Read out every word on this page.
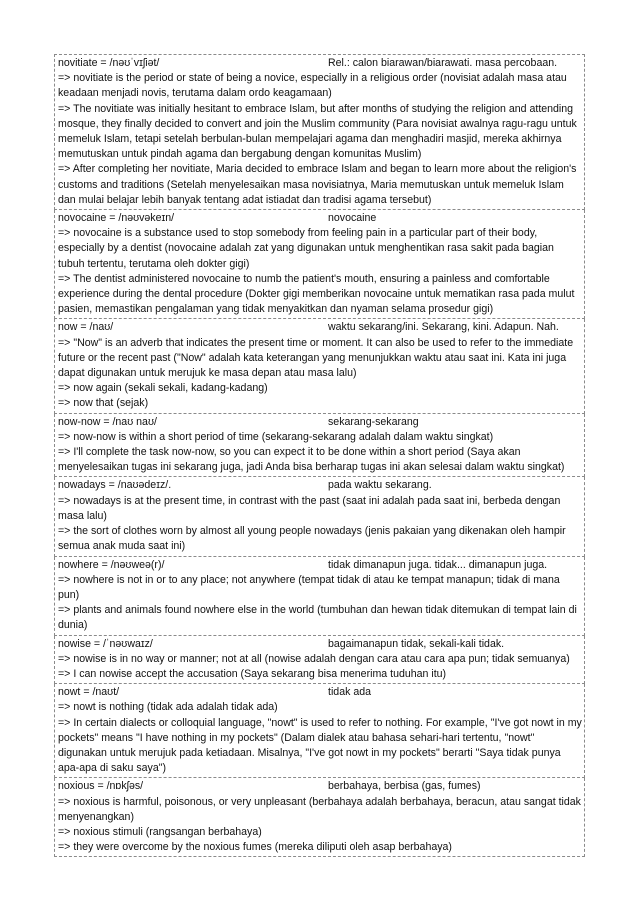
novitiate = /nəʊˈvɪʃiət/	Rel.: calon biarawan/biarawati. masa percobaan.
=> novitiate is the period or state of being a novice, especially in a religious order (novisiat adalah masa atau keadaan menjadi novis, terutama dalam ordo keagamaan)
=> The novitiate was initially hesitant to embrace Islam, but after months of studying the religion and attending mosque, they finally decided to convert and join the Muslim community (Para novisiat awalnya ragu-ragu untuk memeluk Islam, tetapi setelah berbulan-bulan mempelajari agama dan menghadiri masjid, mereka akhirnya memutuskan untuk pindah agama dan bergabung dengan komunitas Muslim)
=> After completing her novitiate, Maria decided to embrace Islam and began to learn more about the religion's customs and traditions (Setelah menyelesaikan masa novisiatnya, Maria memutuskan untuk memeluk Islam dan mulai belajar lebih banyak tentang adat istiadat dan tradisi agama tersebut)
novocaine = /nəʊvəkeɪn/	novocaine
=> novocaine is a substance used to stop somebody from feeling pain in a particular part of their body, especially by a dentist (novocaine adalah zat yang digunakan untuk menghentikan rasa sakit pada bagian tubuh tertentu, terutama oleh dokter gigi)
=> The dentist administered novocaine to numb the patient's mouth, ensuring a painless and comfortable experience during the dental procedure (Dokter gigi memberikan novocaine untuk mematikan rasa pada mulut pasien, memastikan pengalaman yang tidak menyakitkan dan nyaman selama prosedur gigi)
now = /naʊ/	waktu sekarang/ini. Sekarang, kini. Adapun. Nah.
=> "Now" is an adverb that indicates the present time or moment. It can also be used to refer to the immediate future or the recent past ("Now" adalah kata keterangan yang menunjukkan waktu atau saat ini. Kata ini juga dapat digunakan untuk merujuk ke masa depan atau masa lalu)
=> now again (sekali sekali, kadang-kadang)
=> now that (sejak)
now-now = /naʊ naʊ/	sekarang-sekarang
=> now-now is within a short period of time (sekarang-sekarang adalah dalam waktu singkat)
=> I'll complete the task now-now, so you can expect it to be done within a short period (Saya akan menyelesaikan tugas ini sekarang juga, jadi Anda bisa berharap tugas ini akan selesai dalam waktu singkat)
nowadays = /naʊədeɪz/.	pada waktu sekarang.
=> nowadays is at the present time, in contrast with the past (saat ini adalah pada saat ini, berbeda dengan masa lalu)
=> the sort of clothes worn by almost all young people nowadays (jenis pakaian yang dikenakan oleh hampir semua anak muda saat ini)
nowhere = /nəʊweə(r)/	tidak dimanapun juga. tidak... dimanapun juga.
=> nowhere is not in or to any place; not anywhere (tempat tidak di atau ke tempat manapun; tidak di mana pun)
=> plants and animals found nowhere else in the world (tumbuhan dan hewan tidak ditemukan di tempat lain di dunia)
nowise = /ˈnəʊwaɪz/	bagaimanapun tidak, sekali-kali tidak.
=> nowise is in no way or manner; not at all (nowise adalah dengan cara atau cara apa pun; tidak semuanya)
=> I can nowise accept the accusation (Saya sekarang bisa menerima tuduhan itu)
nowt = /naʊt/	tidak ada
=> nowt is nothing (tidak ada adalah tidak ada)
=> In certain dialects or colloquial language, "nowt" is used to refer to nothing. For example, "I've got nowt in my pockets" means "I have nothing in my pockets" (Dalam dialek atau bahasa sehari-hari tertentu, "nowt" digunakan untuk merujuk pada ketiadaan. Misalnya, "I've got nowt in my pockets" berarti "Saya tidak punya apa-apa di saku saya")
noxious = /nɒkʃəs/	berbahaya, berbisa (gas, fumes)
=> noxious is harmful, poisonous, or very unpleasant (berbahaya adalah berbahaya, beracun, atau sangat tidak menyenangkan)
=> noxious stimuli (rangsangan berbahaya)
=> they were overcome by the noxious fumes (mereka diliputi oleh asap berbahaya)
